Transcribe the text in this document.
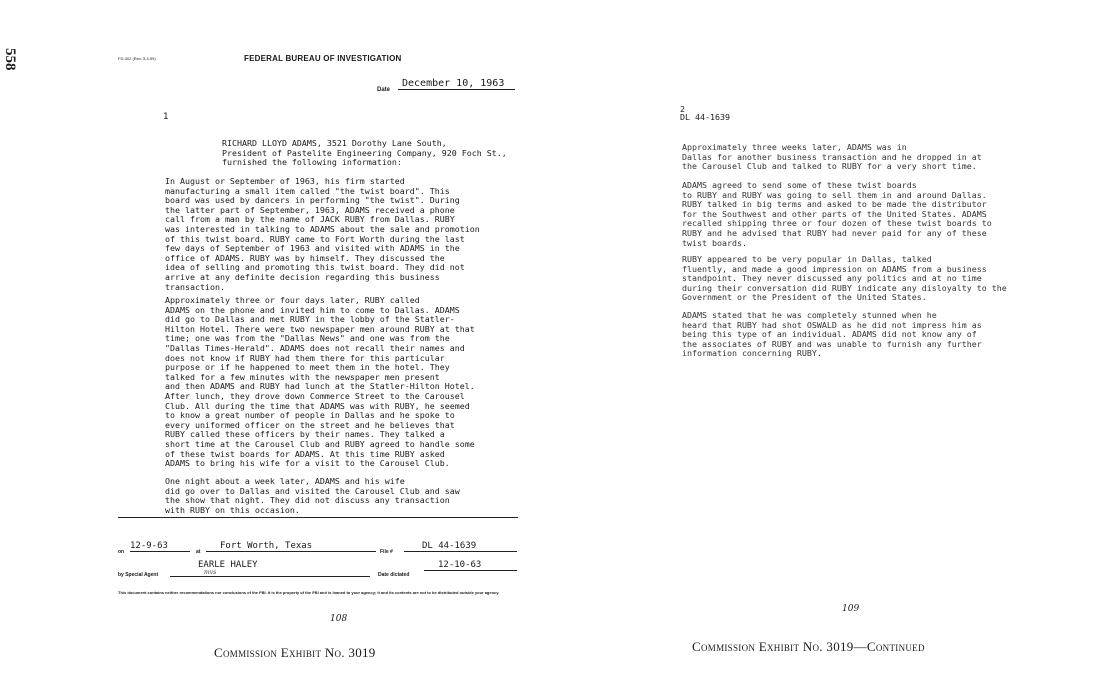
558	FD-302 (Rev. 3-3-59)	FEDERAL BUREAU OF INVESTIGATION
Date
December 10, 1963
1
RICHARD LLOYD ADAMS, 3521 Dorothy Lane South,
President of Pastelite Engineering Company, 920 Foch St.,
furnished the following information:
In August or September of 1963, his firm started
manufacturing a small item called "the twist board". This
board was used by dancers in performing "the twist". During
the latter part of September, 1963, ADAMS received a phone
call from a man by the name of JACK RUBY from Dallas. RUBY
was interested in talking to ADAMS about the sale and promotion
of this twist board. RUBY came to Fort Worth during the last
few days of September of 1963 and visited with ADAMS in the
office of ADAMS. RUBY was by himself. They discussed the
idea of selling and promoting this twist board. They did not
arrive at any definite decision regarding this business
transaction.
Approximately three or four days later, RUBY called
ADAMS on the phone and invited him to come to Dallas. ADAMS
did go to Dallas and met RUBY in the lobby of the Statler-
Hilton Hotel. There were two newspaper men around RUBY at that
time; one was from the "Dallas News" and one was from the
"Dallas Times-Herald". ADAMS does not recall their names and
does not know if RUBY had them there for this particular
purpose or if he happened to meet them in the hotel. They
talked for a few minutes with the newspaper men present
and then ADAMS and RUBY had lunch at the Statler-Hilton Hotel.
After lunch, they drove down Commerce Street to the Carousel
Club. All during the time that ADAMS was with RUBY, he seemed
to know a great number of people in Dallas and he spoke to
every uniformed officer on the street and he believes that
RUBY called these officers by their names. They talked a
short time at the Carousel Club and RUBY agreed to handle some
of these twist boards for ADAMS. At this time RUBY asked
ADAMS to bring his wife for a visit to the Carousel Club.
One night about a week later, ADAMS and his wife
did go over to Dallas and visited the Carousel Club and saw
the show that night. They did not discuss any transaction
with RUBY on this occasion.
on
12-9-63
at
Fort Worth, Texas
File #
DL 44-1639
by Special Agent
EARLE HALEY
mvs	Date dictated
12-10-63
This document contains neither recommendations nor conclusions of the FBI. It is the property of the FBI and is loaned to your agency; it and its contents are not to be distributed outside your agency.
108
Commission Exhibit No. 3019
2
DL 44-1639
Approximately three weeks later, ADAMS was in
Dallas for another business transaction and he dropped in at
the Carousel Club and talked to RUBY for a very short time.
ADAMS agreed to send some of these twist boards
to RUBY and RUBY was going to sell them in and around Dallas.
RUBY talked in big terms and asked to be made the distributor
for the Southwest and other parts of the United States. ADAMS
recalled shipping three or four dozen of these twist boards to
RUBY and he advised that RUBY had never paid for any of these
twist boards.
RUBY appeared to be very popular in Dallas, talked
fluently, and made a good impression on ADAMS from a business
standpoint. They never discussed any politics and at no time
during their conversation did RUBY indicate any disloyalty to the
Government or the President of the United States.
ADAMS stated that he was completely stunned when he
heard that RUBY had shot OSWALD as he did not impress him as
being this type of an individual. ADAMS did not know any of
the associates of RUBY and was unable to furnish any further
information concerning RUBY.
109
Commission Exhibit No. 3019—Continued
